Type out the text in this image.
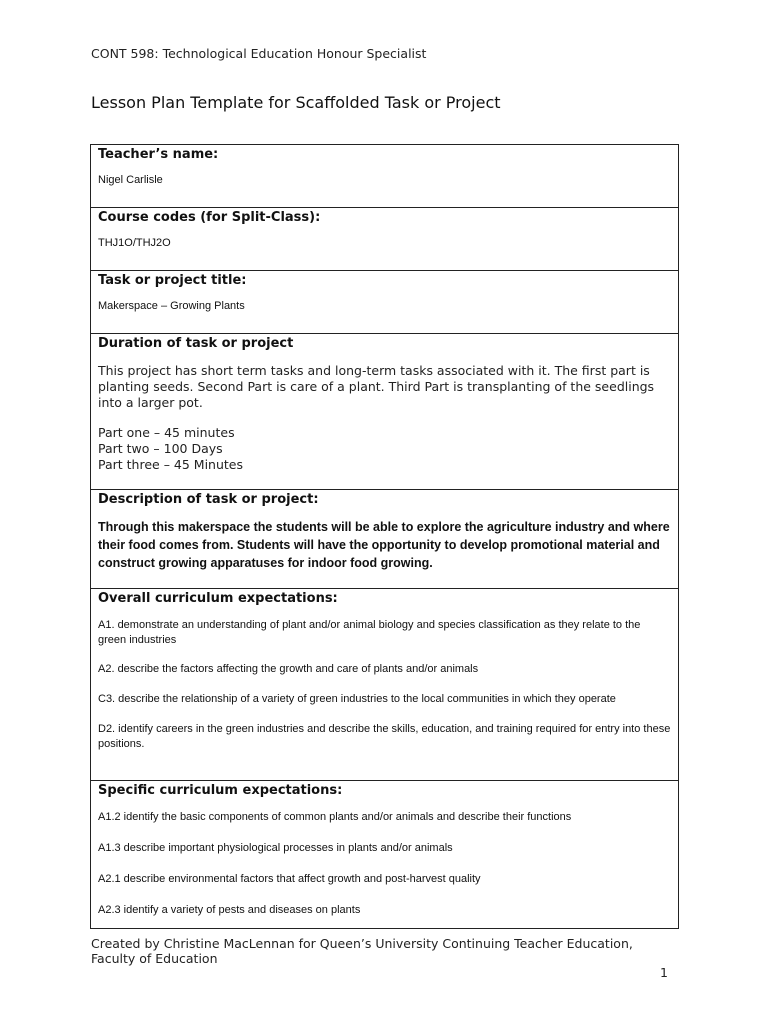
CONT 598: Technological Education Honour Specialist
Lesson Plan Template for Scaffolded Task or Project
Teacher’s name:
Nigel Carlisle

Course codes (for Split-Class):
THJ1O/THJ2O

Task or project title:
Makerspace – Growing Plants

Duration of task or project
This project has short term tasks and long-term tasks associated with it. The first part is planting seeds. Second Part is care of a plant. Third Part is transplanting of the seedlings into a larger pot.
Part one – 45 minutes
Part two – 100 Days
Part three – 45 Minutes

Description of task or project:
Through this makerspace the students will be able to explore the agriculture industry and where their food comes from. Students will have the opportunity to develop promotional material and construct growing apparatuses for indoor food growing.

Overall curriculum expectations:
A1. demonstrate an understanding of plant and/or animal biology and species classification as they relate to the green industries
A2. describe the factors affecting the growth and care of plants and/or animals
C3. describe the relationship of a variety of green industries to the local communities in which they operate
D2. identify careers in the green industries and describe the skills, education, and training required for entry into these positions.

Specific curriculum expectations:
A1.2 identify the basic components of common plants and/or animals and describe their functions
A1.3 describe important physiological processes in plants and/or animals
A2.1 describe environmental factors that affect growth and post-harvest quality
A2.3 identify a variety of pests and diseases on plants
Created by Christine MacLennan for Queen’s University Continuing Teacher Education, Faculty of Education
1
